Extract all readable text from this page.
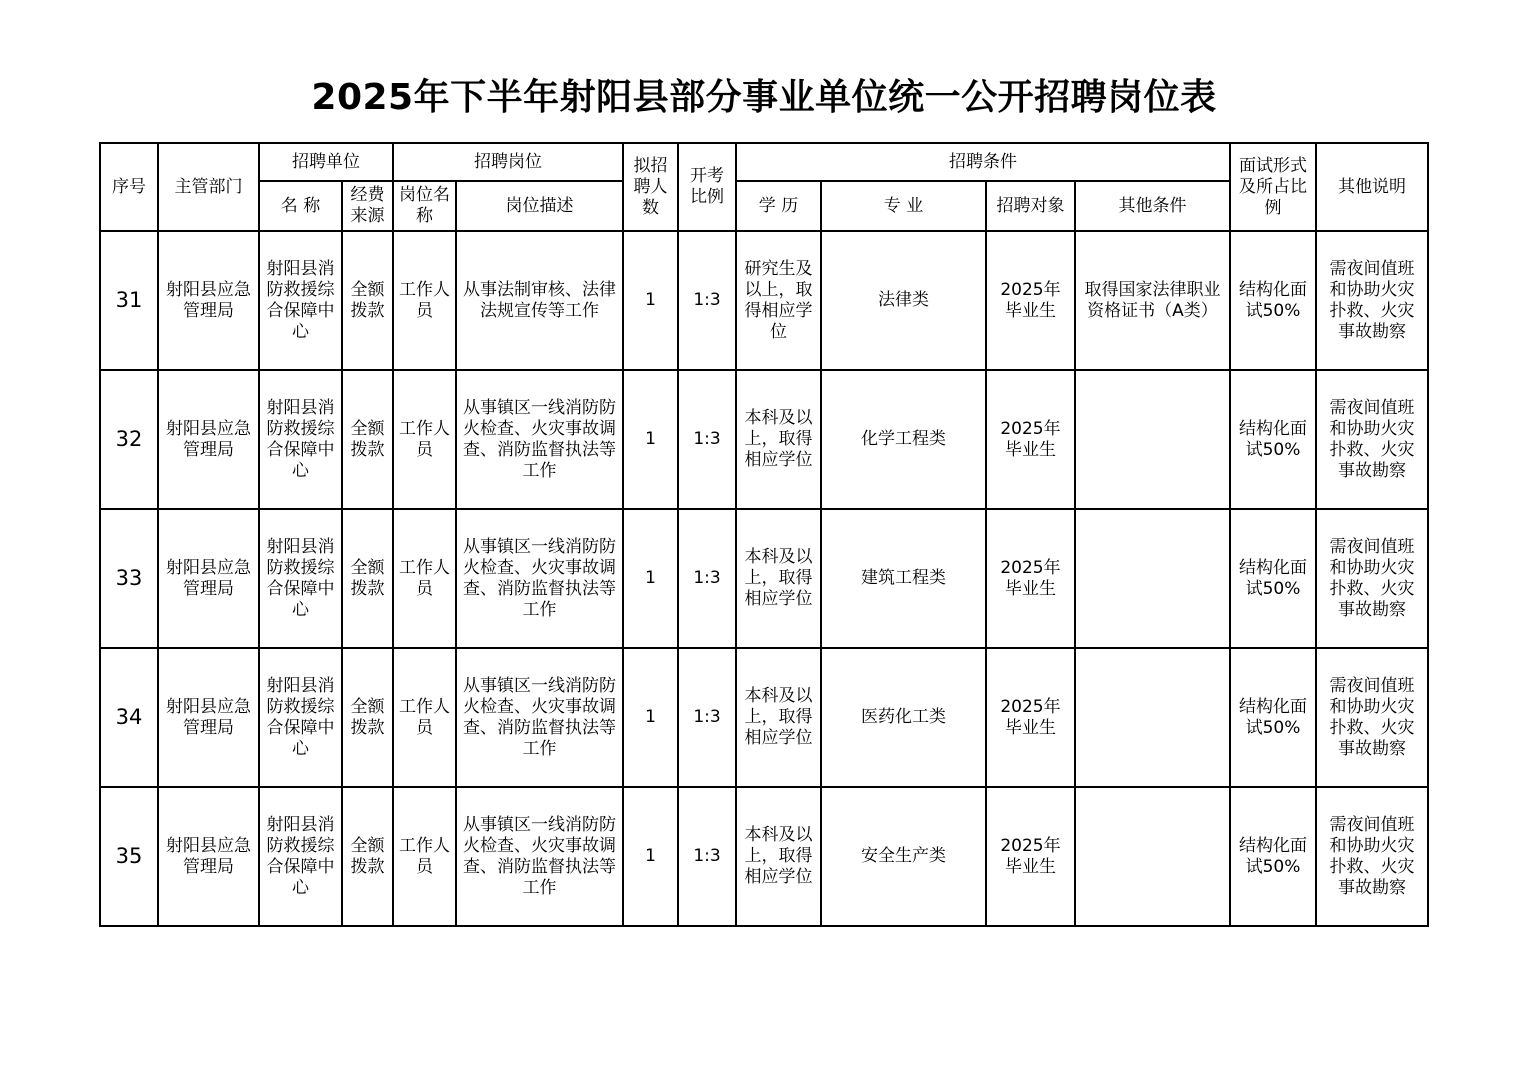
2025年下半年射阳县部分事业单位统一公开招聘岗位表
序号	主管部门	招聘单位		招聘岗位		拟招聘人数	开考比例	招聘条件				面试形式及所占比例	其他说明
		名 称	经费来源	岗位名称	岗位描述			学 历	专 业	招聘对象	其他条件		
31	射阳县应急管理局	射阳县消防救援综合保障中心	全额拨款	工作人员	从事法制审核、法律法规宣传等工作	1	1:3	研究生及以上，取得相应学位	法律类	2025年毕业生	取得国家法律职业资格证书（A类）	结构化面试50%	需夜间值班和协助火灾扑救、火灾事故勘察
32	射阳县应急管理局	射阳县消防救援综合保障中心	全额拨款	工作人员	从事镇区一线消防防火检查、火灾事故调查、消防监督执法等工作	1	1:3	本科及以上，取得相应学位	化学工程类	2025年毕业生		结构化面试50%	需夜间值班和协助火灾扑救、火灾事故勘察
33	射阳县应急管理局	射阳县消防救援综合保障中心	全额拨款	工作人员	从事镇区一线消防防火检查、火灾事故调查、消防监督执法等工作	1	1:3	本科及以上，取得相应学位	建筑工程类	2025年毕业生		结构化面试50%	需夜间值班和协助火灾扑救、火灾事故勘察
34	射阳县应急管理局	射阳县消防救援综合保障中心	全额拨款	工作人员	从事镇区一线消防防火检查、火灾事故调查、消防监督执法等工作	1	1:3	本科及以上，取得相应学位	医药化工类	2025年毕业生		结构化面试50%	需夜间值班和协助火灾扑救、火灾事故勘察
35	射阳县应急管理局	射阳县消防救援综合保障中心	全额拨款	工作人员	从事镇区一线消防防火检查、火灾事故调查、消防监督执法等工作	1	1:3	本科及以上，取得相应学位	安全生产类	2025年毕业生		结构化面试50%	需夜间值班和协助火灾扑救、火灾事故勘察
